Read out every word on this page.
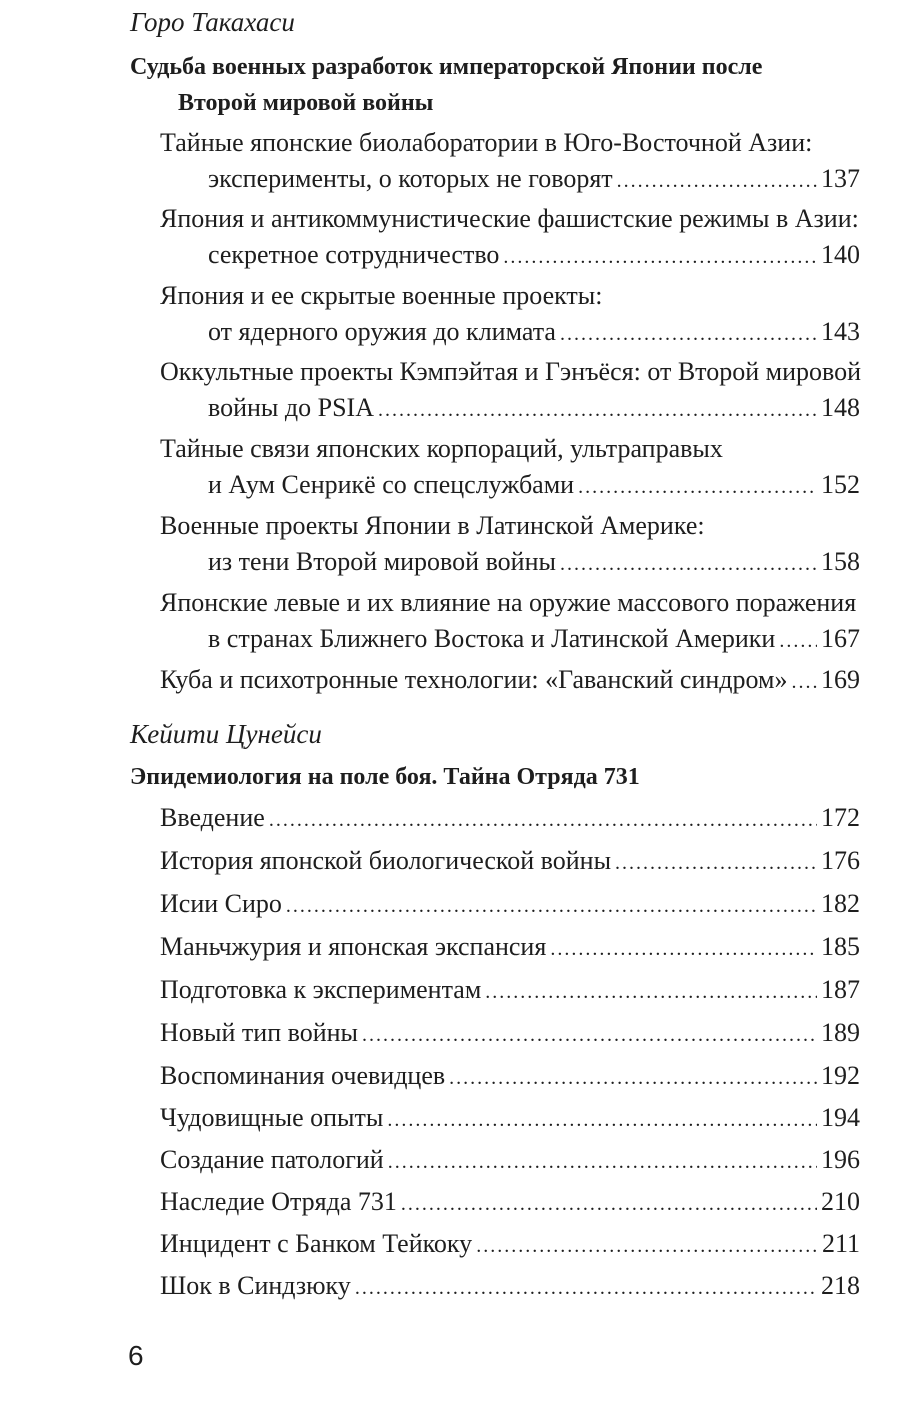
Горо Такахаси
Судьба военных разработок императорской Японии после
Второй мировой войны
Тайные японские биолаборатории в Юго-Восточной Азии:
эксперименты, о которых не говорят .....	137
Япония и антикоммунистические фашистские режимы в Азии:
секретное сотрудничество .....	140
Япония и ее скрытые военные проекты:
от ядерного оружия до климата .....	143
Оккультные проекты Кэмпэйтая и Гэнъёся: от Второй мировой
войны до PSIA .....	148
Тайные связи японских корпораций, ультраправых
и Аум Сенрикё со спецслужбами .....	152
Военные проекты Японии в Латинской Америке:
из тени Второй мировой войны .....	158
Японские левые и их влияние на оружие массового поражения
в странах Ближнего Востока и Латинской Америки ..... 167
Куба и психотронные технологии: «Гаванский синдром» ..... 169
Кейити Цунейси
Эпидемиология на поле боя. Тайна Отряда 731
Введение .....	172
История японской биологической войны .....	176
Исии Сиро .....	182
Маньчжурия и японская экспансия .....	185
Подготовка к экспериментам .....	187
Новый тип войны .....	189
Воспоминания очевидцев .....	192
Чудовищные опыты .....	194
Создание патологий .....	196
Наследие Отряда 731 .....	210
Инцидент с Банком Тейкоку .....	211
Шок в Синдзюку .....	218
6
